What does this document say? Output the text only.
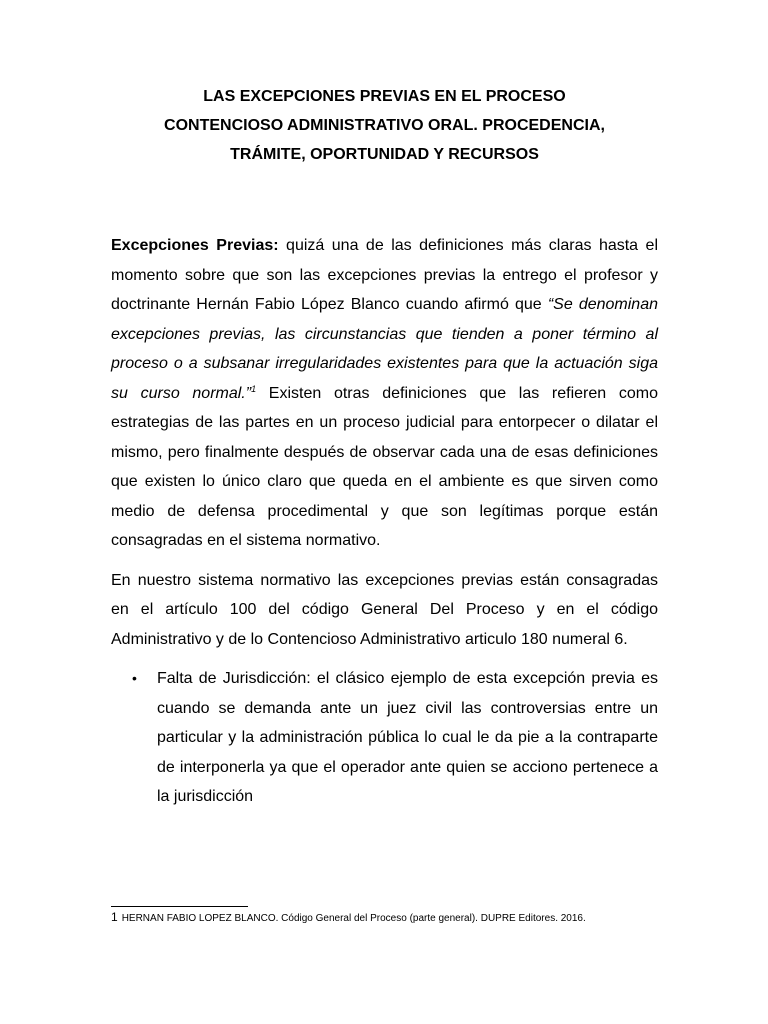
LAS EXCEPCIONES PREVIAS EN EL PROCESO
CONTENCIOSO ADMINISTRATIVO ORAL. PROCEDENCIA,
TRÁMITE, OPORTUNIDAD Y RECURSOS

Excepciones Previas: quizá una de las definiciones más claras hasta el momento sobre que son las excepciones previas la entrego el profesor y doctrinante Hernán Fabio López Blanco cuando afirmó que “Se denominan excepciones previas, las circunstancias que tienden a poner término al proceso o a subsanar irregularidades existentes para que la actuación siga su curso normal.”$^1$ Existen otras definiciones que las refieren como estrategias de las partes en un proceso judicial para entorpecer o dilatar el mismo, pero finalmente después de observar cada una de esas definiciones que existen lo único claro que queda en el ambiente es que sirven como medio de defensa procedimental y que son legítimas porque están consagradas en el sistema normativo.

En nuestro sistema normativo las excepciones previas están consagradas en el artículo 100 del código General Del Proceso y en el código Administrativo y de lo Contencioso Administrativo articulo 180 numeral 6.

• Falta de Jurisdicción: el clásico ejemplo de esta excepción previa es cuando se demanda ante un juez civil las controversias entre un particular y la administración pública lo cual le da pie a la contraparte de interponerla ya que el operador ante quien se acciono pertenece a la jurisdicción
1 HERNAN FABIO LOPEZ BLANCO. Código General del Proceso (parte general). DUPRE Editores. 2016.
